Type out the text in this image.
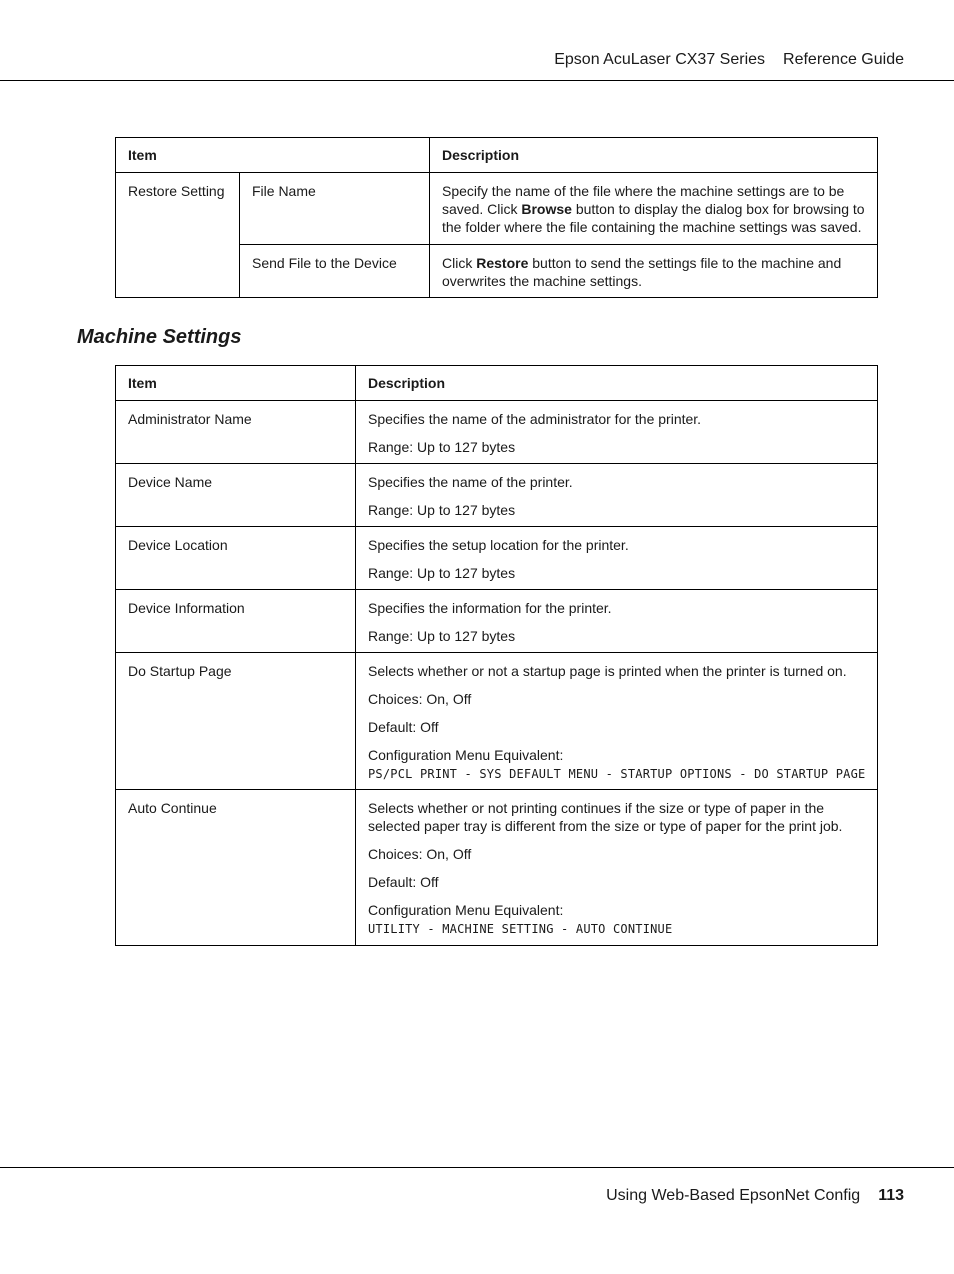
Epson AcuLaser CX37 Series Reference Guide
Item		Description
Restore Setting	File Name	Specify the name of the file where the machine settings are to be saved. Click Browse button to display the dialog box for browsing to the folder where the file containing the machine settings was saved.
	Send File to the Device	Click Restore button to send the settings file to the machine and overwrites the machine settings.
Machine Settings
Item	Description
Administrator Name	Specifies the name of the administrator for the printer.

Range: Up to 127 bytes

Device Name	Specifies the name of the printer.

Range: Up to 127 bytes

Device Location	Specifies the setup location for the printer.

Range: Up to 127 bytes

Device Information	Specifies the information for the printer.

Range: Up to 127 bytes

Do Startup Page	Selects whether or not a startup page is printed when the printer is turned on.

Choices: On, Off

Default: Off

Configuration Menu Equivalent:
PS/PCL PRINT - SYS DEFAULT MENU - STARTUP OPTIONS - DO STARTUP PAGE

Auto Continue	Selects whether or not printing continues if the size or type of paper in the selected paper tray is different from the size or type of paper for the print job.

Choices: On, Off

Default: Off

Configuration Menu Equivalent:
UTILITY - MACHINE SETTING - AUTO CONTINUE

Using Web-Based EpsonNet Config 113
